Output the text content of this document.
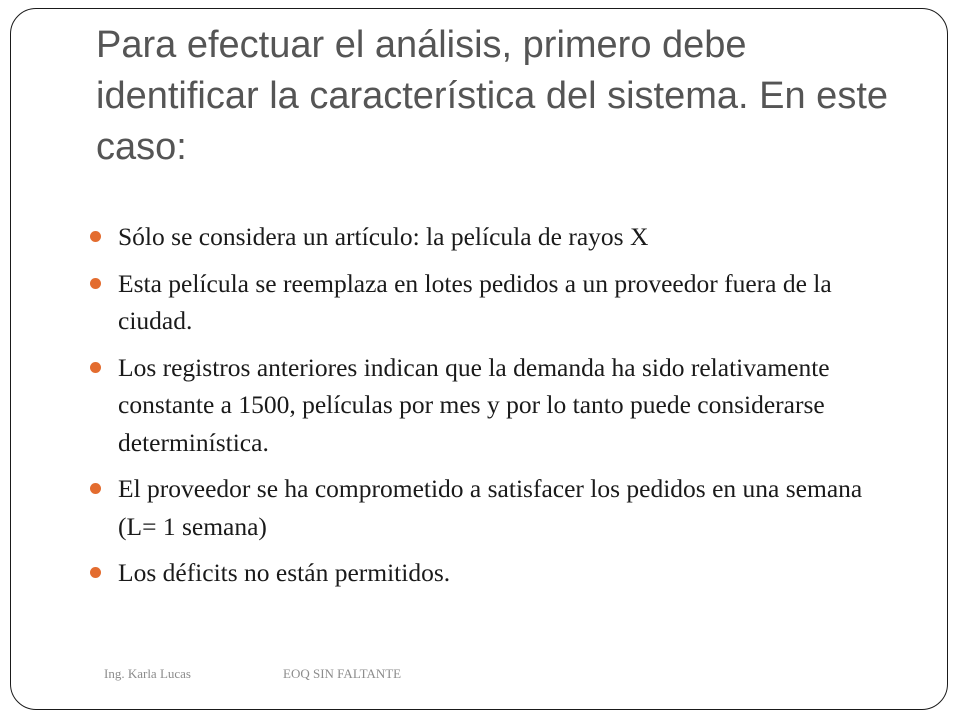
Para efectuar el análisis, primero debe identificar la característica del sistema. En este caso:
Sólo se considera un artículo: la película de rayos X
Esta película se reemplaza en lotes pedidos a un proveedor fuera de la ciudad.
Los registros anteriores indican que la demanda ha sido relativamente constante a 1500, películas por mes y por lo tanto puede considerarse determinística.
El proveedor se ha comprometido a satisfacer los pedidos en una semana (L= 1 semana)
Los déficits no están permitidos.
Ing. Karla Lucas	EOQ SIN FALTANTE
